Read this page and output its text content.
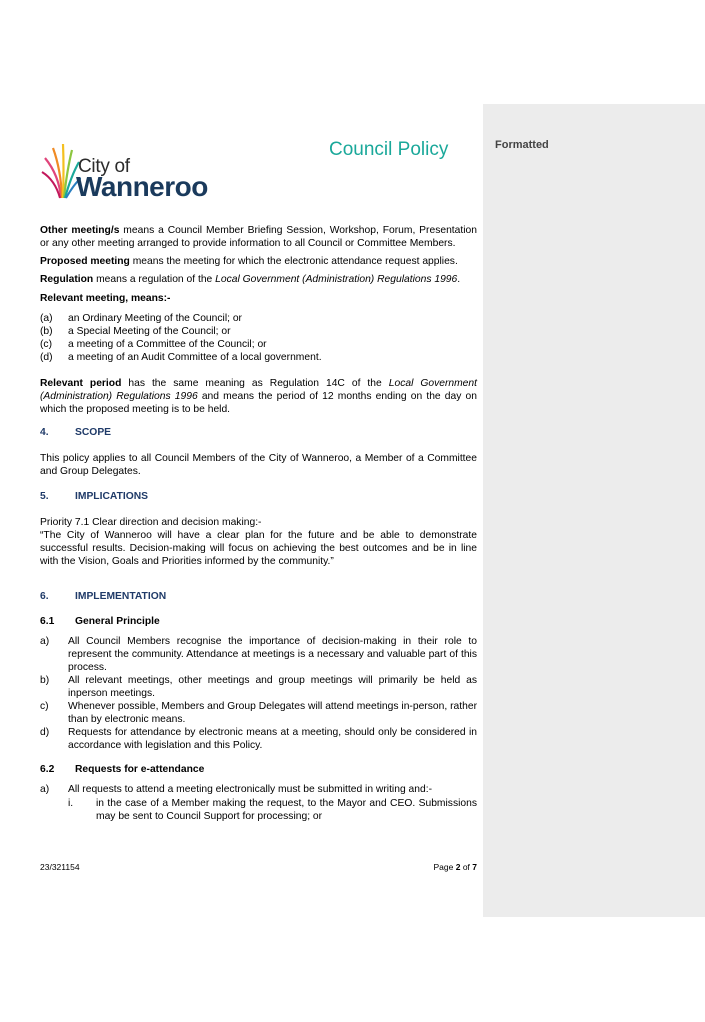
City of
Wanneroo
Council Policy
Other meeting/s means a Council Member Briefing Session, Workshop, Forum, Presentation or any other meeting arranged to provide information to all Council or Committee Members.
Proposed meeting means the meeting for which the electronic attendance request applies.
Regulation means a regulation of the Local Government (Administration) Regulations 1996.
Relevant meeting, means:-
(a) an Ordinary Meeting of the Council; or
(b) a Special Meeting of the Council; or
(c) a meeting of a Committee of the Council; or
(d) a meeting of an Audit Committee of a local government.
Relevant period has the same meaning as Regulation 14C of the Local Government (Administration) Regulations 1996 and means the period of 12 months ending on the day on which the proposed meeting is to be held.
4.	SCOPE
This policy applies to all Council Members of the City of Wanneroo, a Member of a Committee and Group Delegates.
5.	IMPLICATIONS
Priority 7.1 Clear direction and decision making:-
“The City of Wanneroo will have a clear plan for the future and be able to demonstrate successful results. Decision-making will focus on achieving the best outcomes and be in line with the Vision, Goals and Priorities informed by the community.”
6.	IMPLEMENTATION
6.1 General Principle
a) All Council Members recognise the importance of decision-making in their role to represent the community. Attendance at meetings is a necessary and valuable part of this process.
b) All relevant meetings, other meetings and group meetings will primarily be held as inperson meetings.
c) Whenever possible, Members and Group Delegates will attend meetings in-person, rather than by electronic means.
d) Requests for attendance by electronic means at a meeting, should only be considered in accordance with legislation and this Policy.
6.2 Requests for e-attendance
a) All requests to attend a meeting electronically must be submitted in writing and:-
i. in the case of a Member making the request, to the Mayor and CEO. Submissions may be sent to Council Support for processing; or
23/321154	Page 2 of 7
Formatted
